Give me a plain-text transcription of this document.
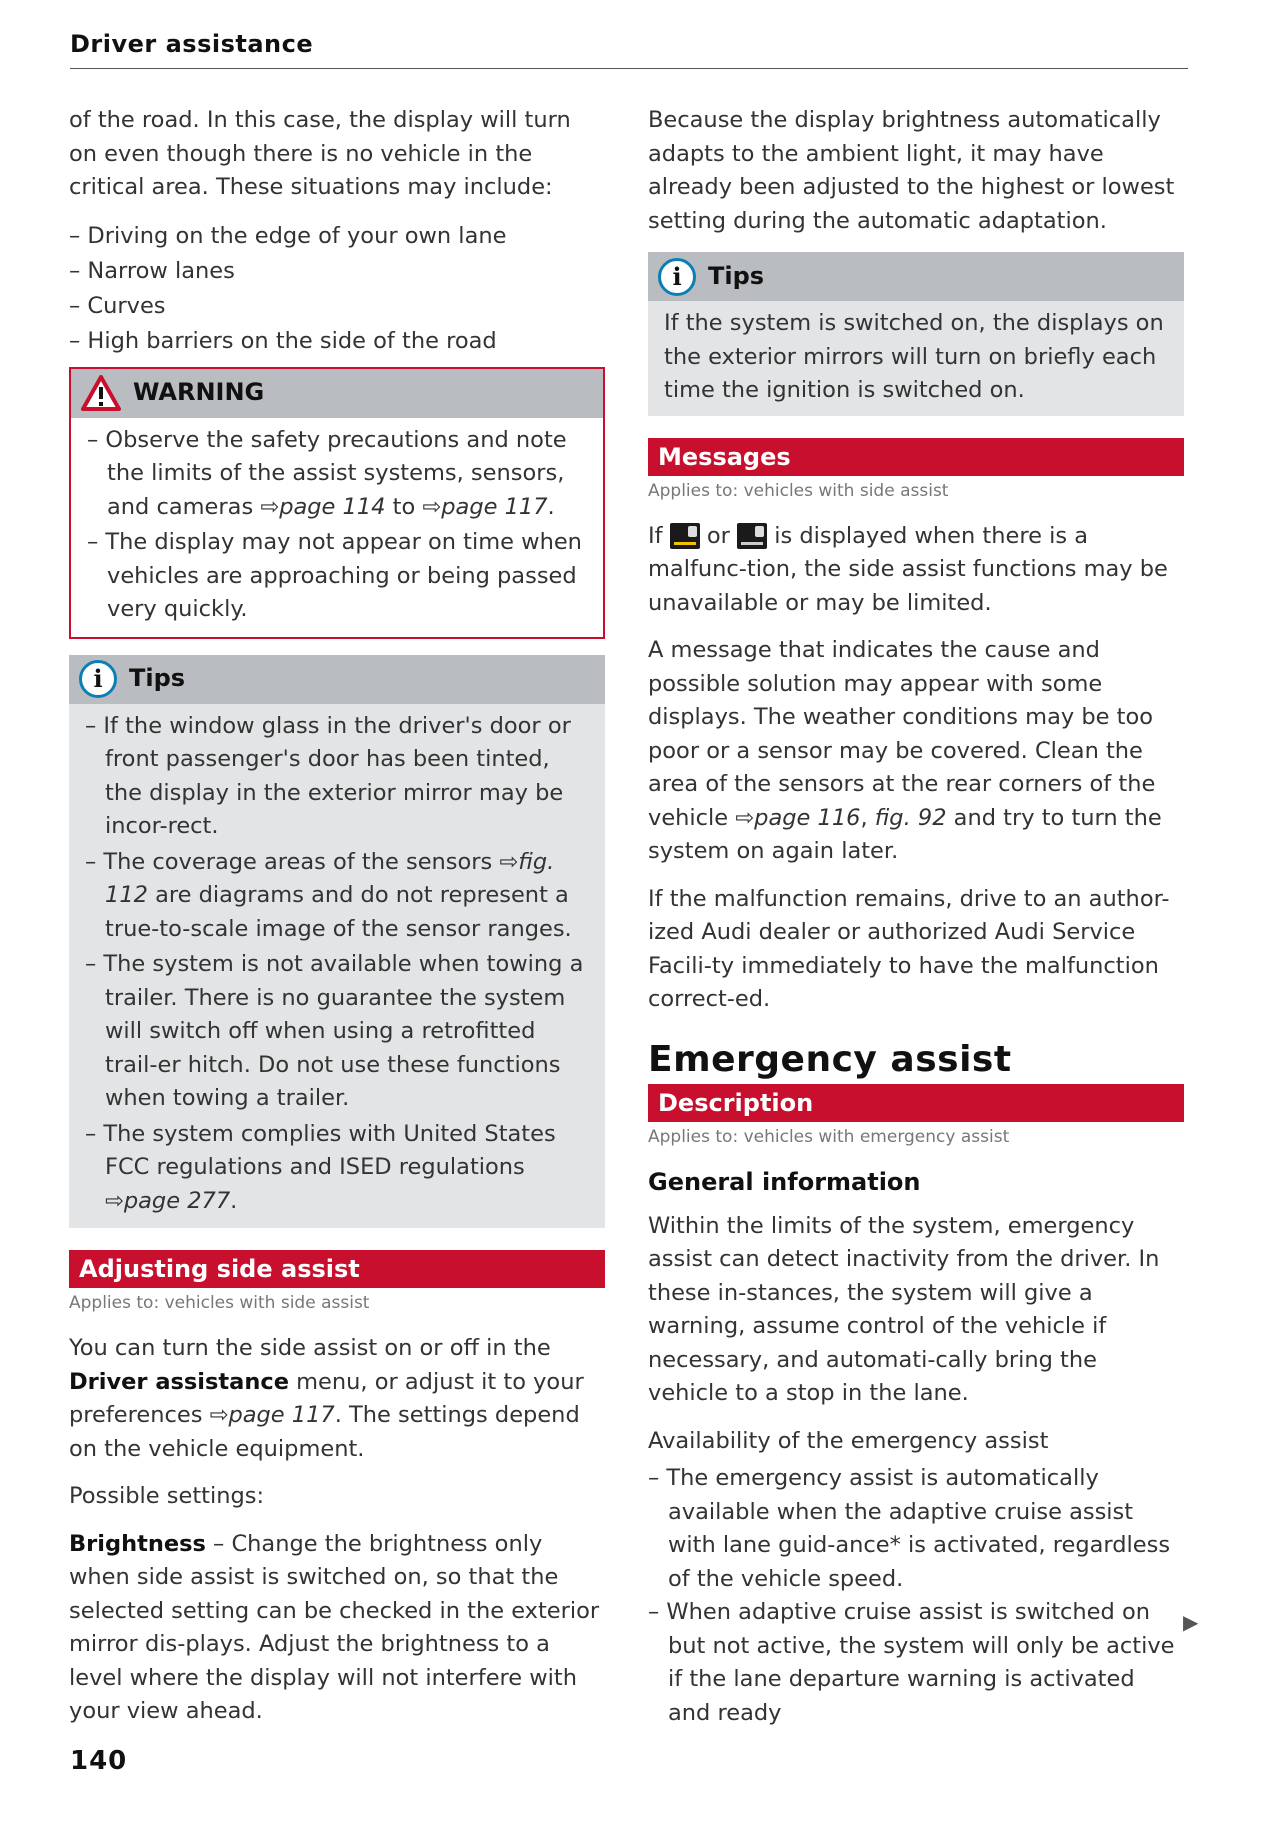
Driver assistance

of the road. In this case, the display will turn on even though there is no vehicle in the critical area. These situations may include:

– Driving on the edge of your own lane
– Narrow lanes
– Curves
– High barriers on the side of the road
WARNING
– Observe the safety precautions and note the limits of the assist systems, sensors, and cameras ⇨page 114 to ⇨page 117.
– The display may not appear on time when vehicles are approaching or being passed very quickly.
i	Tips
– If the window glass in the driver's door or front passenger's door has been tinted, the display in the exterior mirror may be incor-rect.
– The coverage areas of the sensors ⇨fig. 112 are diagrams and do not represent a true-to-scale image of the sensor ranges.
– The system is not available when towing a trailer. There is no guarantee the system will switch off when using a retrofitted trail-er hitch. Do not use these functions when towing a trailer.
– The system complies with United States FCC regulations and ISED regulations ⇨page 277.
Adjusting side assist
Applies to: vehicles with side assist

You can turn the side assist on or off in the Driver assistance menu, or adjust it to your preferences ⇨page 117. The settings depend on the vehicle equipment.

Possible settings:

Brightness – Change the brightness only when side assist is switched on, so that the selected setting can be checked in the exterior mirror dis-plays. Adjust the brightness to a level where the display will not interfere with your view ahead.

Because the display brightness automatically adapts to the ambient light, it may have already been adjusted to the highest or lowest setting during the automatic adaptation.

i	Tips
If the system is switched on, the displays on the exterior mirrors will turn on briefly each time the ignition is switched on.
Messages
Applies to: vehicles with side assist

If
or
is displayed when there is a malfunc-tion, the side assist functions may be unavailable or may be limited.

A message that indicates the cause and possible solution may appear with some displays. The weather conditions may be too poor or a sensor may be covered. Clean the area of the sensors at the rear corners of the vehicle ⇨page 116, fig. 92 and try to turn the system on again later.

If the malfunction remains, drive to an author-ized Audi dealer or authorized Audi Service Facili-ty immediately to have the malfunction correct-ed.

Emergency assist
Description
Applies to: vehicles with emergency assist
General information

Within the limits of the system, emergency assist can detect inactivity from the driver. In these in-stances, the system will give a warning, assume control of the vehicle if necessary, and automati-cally bring the vehicle to a stop in the lane.

Availability of the emergency assist

– The emergency assist is automatically available when the adaptive cruise assist with lane guid-ance* is activated, regardless of the vehicle speed.
– When adaptive cruise assist is switched on but not active, the system will only be active if the lane departure warning is activated and ready
▶
140
